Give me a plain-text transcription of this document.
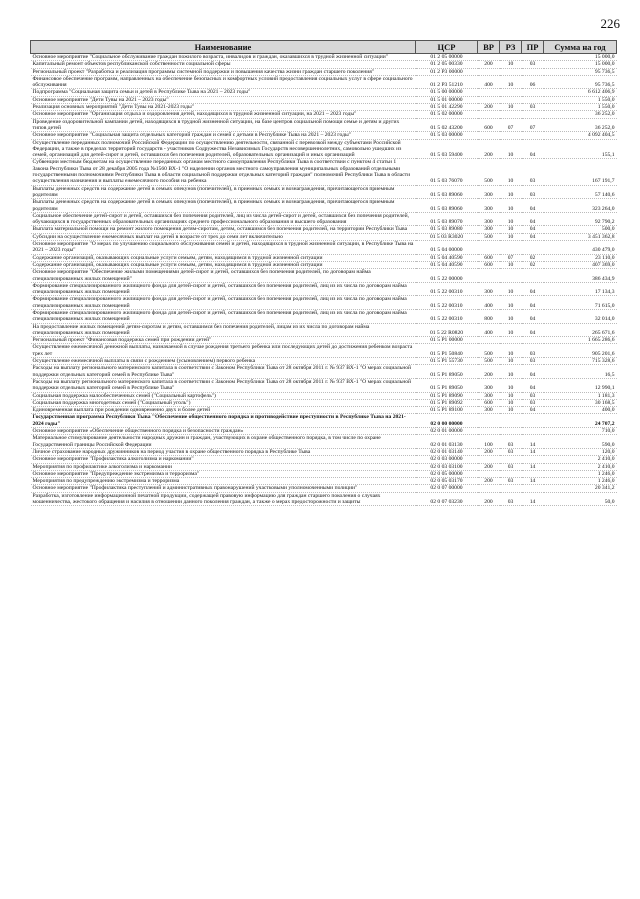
226
Наименование	ЦСР	ВР	РЗ	ПР	Сумма на год
Основное мероприятие "Социальное обслуживание граждан пожилого возраста, инвалидов и граждан, оказавшихся в трудной жизненной ситуации"	01 2 05 00000				15 000,0
Капитальный ремонт объектов республиканской собственности социальной сферы	01 2 05 00330	200	10	03	15 000,0
Региональный проект "Разработка и реализация программы системной поддержки и повышения качества жизни граждан старшего поколения"	01 2 P3 00000				95 736,5
Финансовое обеспечение программ, направленных на обеспечение безопасных и комфортных условий предоставления социальных услуг в сфере социального обслуживания	01 2 P3 51210	400	10	06	95 736,5
Подпрограмма "Социальная защита семьи и детей в Республике Тыва на 2021 – 2023 годы"	01 5 00 00000				6 612 406,9
Основное мероприятие "Дети Тувы на 2021 – 2023 годы"	01 5 01 00000				1 550,0
Реализация основных мероприятий "Дети Тувы на 2021-2023 годы"	01 5 01 42290	200	10	03	1 550,0
Основное мероприятие "Организация отдыха и оздоровления детей, находящихся в трудной жизненной ситуации, на 2021 – 2023 годы"	01 5 02 00000				36 252,0
Проведение оздоровительной кампании детей, находящихся в трудной жизненной ситуации, на базе центров социальной помощи семье и детям и других типов детей	01 5 02 43200	600	07	07	36 252,0
Основное мероприятие "Социальная защита отдельных категорий граждан и семей с детьми в Республике Тыва на 2021 – 2023 годы"	01 5 03 00000				4 092 404,5
Осуществление переданных полномочий Российской Федерации по осуществлению деятельности, связанной с перевозкой между субъектами Российской Федерации, а также в пределах территорий государств - участников Содружества Независимых Государств несовершеннолетних, самовольно ушедших из семей, организаций для детей-сирот и детей, оставшихся без попечения родителей, образовательных организаций и иных организаций	01 5 03 59400	200	10	04	155,1
Субвенции местным бюджетам на осуществление переданных органам местного самоуправления Республики Тыва в соответствии с пунктом 4 статьи 1 Закона Республики Тыва от 28 декабря 2005 года №1560 ВХ-1 "О наделении органов местного самоуправления муниципальных образований отдельными государственными полномочиями Республики Тыва в области социальной поддержки отдельных категорий граждан" полномочий Республики Тыва в области осуществления назначения и выплаты ежемесячного пособия на ребенка	01 5 03 76070	500	10	03	167 191,7
Выплаты денежных средств на содержание детей в семьях опекунов (попечителей), в приемных семьях и вознаграждения, причитающегося приемным родителям	01 5 03 89060	300	10	03	57 140,6
Выплаты денежных средств на содержание детей в семьях опекунов (попечителей), в приемных семьях и вознаграждения, причитающегося приемным родителям	01 5 03 89060	300	10	04	323 264,0
Социальное обеспечение детей-сирот и детей, оставшихся без попечения родителей, лиц из числа детей-сирот и детей, оставшихся без попечения родителей, обучающихся в государственных образовательных организациях среднего профессионального образования и высшего образования	01 5 03 89070	300	10	04	92 790,2
Выплата материальной помощи на ремонт жилого помещения детям-сиротам, детям, оставшимся без попечения родителей, на территории Республики Тыва	01 5 03 89080	300	10	04	500,0
Субсидии на осуществление ежемесячных выплат на детей в возрасте от трех до семи лет включительно	01 5 03 R3020	500	10	04	3 451 362,8
Основное мероприятие "О мерах по улучшению социального обслуживания семей и детей, находящихся в трудной жизненной ситуации, в Республике Тыва на 2021 – 2023 годы"	01 5 04 00000				430 479,0
Содержание организаций, оказывающих социальные услуги семьям, детям, находящимся в трудной жизненной ситуации	01 5 04 40590	600	07	02	23 110,0
Содержание организаций, оказывающих социальные услуги семьям, детям, находящимся в трудной жизненной ситуации	01 5 04 40590	600	10	02	407 369,0
Основное мероприятие "Обеспечение жилыми помещениями детей-сирот и детей, оставшихся без попечения родителей, по договорам найма специализированных жилых помещений"	01 5 22 00000				386 434,9
Формирование специализированного жилищного фонда для детей-сирот и детей, оставшихся без попечения родителей, лиц из их числа по договорам найма специализированных жилых помещений	01 5 22 00310	300	10	04	17 134,3
Формирование специализированного жилищного фонда для детей-сирот и детей, оставшихся без попечения родителей, лиц из их числа по договорам найма специализированных жилых помещений	01 5 22 00310	400	10	04	71 615,0
Формирование специализированного жилищного фонда для детей-сирот и детей, оставшихся без попечения родителей, лиц из их числа по договорам найма специализированных жилых помещений	01 5 22 00310	800	10	04	32 014,0
На предоставление жилых помещений детям-сиротам и детям, оставшимся без попечения родителей, лицам из их числа по договорам найма специализированных жилых помещений	01 5 22 R0820	400	10	04	265 671,6
Региональный проект "Финансовая поддержка семей при рождении детей"	01 5 P1 00000				1 665 286,6
Осуществление ежемесячной денежной выплаты, назначаемой в случае рождения третьего ребенка или последующих детей до достижения ребенком возраста трех лет	01 5 P1 50840	500	10	03	905 201,6
Осуществление ежемесячной выплаты в связи с рождением (усыновлением) первого ребенка	01 5 P1 55730	500	10	03	715 328,6
Расходы на выплату регионального материнского капитала в соответствии с Законом Республики Тыва от 28 октября 2011 г. № 937 ВХ-1 "О мерах социальной поддержки отдельных категорий семей в Республике Тыва"	01 5 P1 89050	200	10	04	16,5
Расходы на выплату регионального материнского капитала в соответствии с Законом Республики Тыва от 28 октября 2011 г. № 937 ВХ-1 "О мерах социальной поддержки отдельных категорий семей в Республике Тыва"	01 5 P1 89050	300	10	04	12 990,1
Социальная поддержка малообеспеченных семей ("Социальный картофель")	01 5 P1 89090	300	10	03	1 181,3
Социальная поддержка многодетных семей ("Социальный уголь")	01 5 P1 89092	600	10	03	30 168,5
Единовременная выплата при рождении одновременно двух и более детей	01 5 P1 89100	300	10	04	400,0
Государственная программа Республики Тыва "Обеспечение общественного порядка и противодействие преступности в Республике Тыва на 2021-2024 годы"	02 0 00 00000				24 707,2
Основное мероприятие «Обеспечение общественного порядка и безопасности граждан»	02 0 01 00000				710,0
Материальное стимулирование деятельности народных дружин и граждан, участвующих в охране общественного порядка, в том числе по охране Государственной границы Российской Федерации	02 0 01 03130	100	03	14	590,0
Личное страхование народных дружинников на период участия в охране общественного порядка в Республике Тыва	02 0 01 03140	200	03	14	120,0
Основное мероприятие "Профилактика алкоголизма и наркомании"	02 0 03 00000				2 410,0
Мероприятия по профилактике алкоголизма и наркомании	02 0 03 03100	200	03	14	2 410,0
Основное мероприятие "Предупреждение экстремизма и терроризма"	02 0 05 00000				1 246,0
Мероприятия по предупреждению экстремизма и терроризма	02 0 05 03170	200	03	14	1 246,0
Основное мероприятие "Профилактика преступлений и административных правонарушений участковыми уполномоченными полиции"	02 0 07 00000				20 341,2
Разработка, изготовление информационной печатной продукции, содержащей правовую информацию для граждан старшего поколения о случаях мошенничества, жестокого обращения и насилия в отношении данного поколения граждан, а также о мерах предосторожности и защиты	02 0 07 03230	200	03	14	50,0
